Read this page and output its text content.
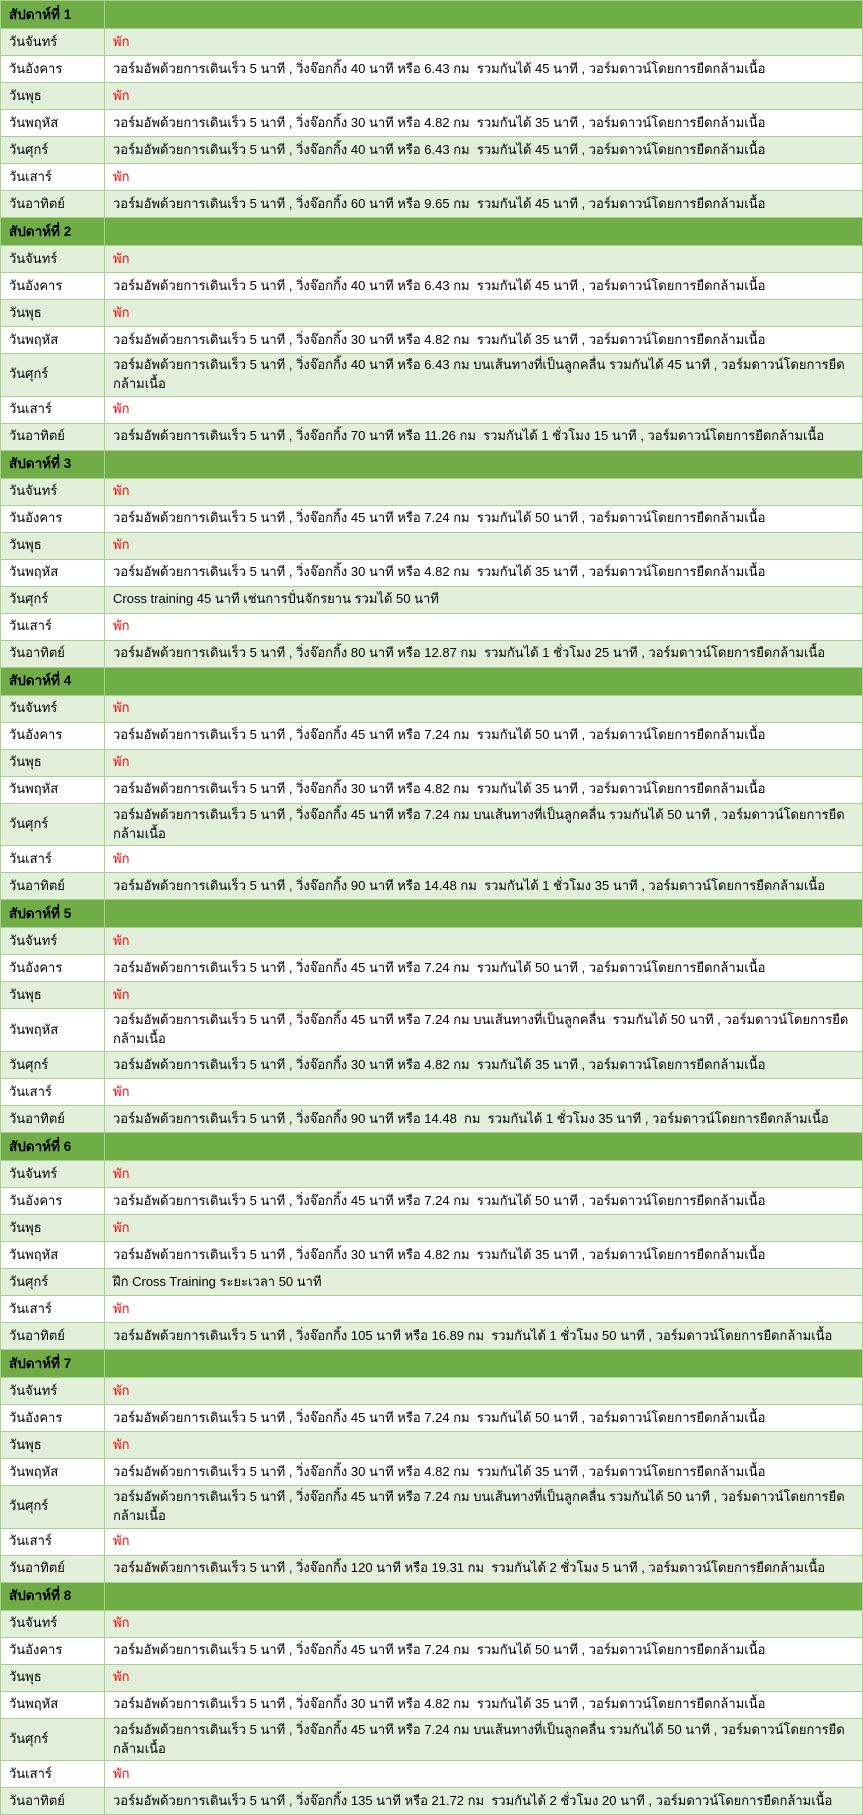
สัปดาห์ที่ 1	
วันจันทร์	พัก
วันอังคาร	วอร์มอัพด้วยการเดินเร็ว 5 นาที , วิ่งจ๊อกกิ้ง 40 นาที หรือ 6.43 กม  รวมกันได้ 45 นาที , วอร์มดาวน์โดยการยืดกล้ามเนื้อ
วันพุธ	พัก
วันพฤหัส	วอร์มอัพด้วยการเดินเร็ว 5 นาที , วิ่งจ๊อกกิ้ง 30 นาที หรือ 4.82 กม  รวมกันได้ 35 นาที , วอร์มดาวน์โดยการยืดกล้ามเนื้อ
วันศุกร์	วอร์มอัพด้วยการเดินเร็ว 5 นาที , วิ่งจ๊อกกิ้ง 40 นาที หรือ 6.43 กม  รวมกันได้ 45 นาที , วอร์มดาวน์โดยการยืดกล้ามเนื้อ
วันเสาร์	พัก
วันอาทิตย์	วอร์มอัพด้วยการเดินเร็ว 5 นาที , วิ่งจ๊อกกิ้ง 60 นาที หรือ 9.65 กม  รวมกันได้ 45 นาที , วอร์มดาวน์โดยการยืดกล้ามเนื้อ
สัปดาห์ที่ 2	
วันจันทร์	พัก
วันอังคาร	วอร์มอัพด้วยการเดินเร็ว 5 นาที , วิ่งจ๊อกกิ้ง 40 นาที หรือ 6.43 กม  รวมกันได้ 45 นาที , วอร์มดาวน์โดยการยืดกล้ามเนื้อ
วันพุธ	พัก
วันพฤหัส	วอร์มอัพด้วยการเดินเร็ว 5 นาที , วิ่งจ๊อกกิ้ง 30 นาที หรือ 4.82 กม  รวมกันได้ 35 นาที , วอร์มดาวน์โดยการยืดกล้ามเนื้อ
วันศุกร์	วอร์มอัพด้วยการเดินเร็ว 5 นาที , วิ่งจ๊อกกิ้ง 40 นาที หรือ 6.43 กม บนเส้นทางที่เป็นลูกคลื่น รวมกันได้ 45 นาที , วอร์มดาวน์โดยการยืดกล้ามเนื้อ
วันเสาร์	พัก
วันอาทิตย์	วอร์มอัพด้วยการเดินเร็ว 5 นาที , วิ่งจ๊อกกิ้ง 70 นาที หรือ 11.26 กม  รวมกันได้ 1 ชั่วโมง 15 นาที , วอร์มดาวน์โดยการยืดกล้ามเนื้อ
สัปดาห์ที่ 3	
วันจันทร์	พัก
วันอังคาร	วอร์มอัพด้วยการเดินเร็ว 5 นาที , วิ่งจ๊อกกิ้ง 45 นาที หรือ 7.24 กม  รวมกันได้ 50 นาที , วอร์มดาวน์โดยการยืดกล้ามเนื้อ
วันพุธ	พัก
วันพฤหัส	วอร์มอัพด้วยการเดินเร็ว 5 นาที , วิ่งจ๊อกกิ้ง 30 นาที หรือ 4.82 กม  รวมกันได้ 35 นาที , วอร์มดาวน์โดยการยืดกล้ามเนื้อ
วันศุกร์	Cross training 45 นาที เช่นการปั่นจักรยาน รวมได้ 50 นาที
วันเสาร์	พัก
วันอาทิตย์	วอร์มอัพด้วยการเดินเร็ว 5 นาที , วิ่งจ๊อกกิ้ง 80 นาที หรือ 12.87 กม  รวมกันได้ 1 ชั่วโมง 25 นาที , วอร์มดาวน์โดยการยืดกล้ามเนื้อ
สัปดาห์ที่ 4	
วันจันทร์	พัก
วันอังคาร	วอร์มอัพด้วยการเดินเร็ว 5 นาที , วิ่งจ๊อกกิ้ง 45 นาที หรือ 7.24 กม  รวมกันได้ 50 นาที , วอร์มดาวน์โดยการยืดกล้ามเนื้อ
วันพุธ	พัก
วันพฤหัส	วอร์มอัพด้วยการเดินเร็ว 5 นาที , วิ่งจ๊อกกิ้ง 30 นาที หรือ 4.82 กม  รวมกันได้ 35 นาที , วอร์มดาวน์โดยการยืดกล้ามเนื้อ
วันศุกร์	วอร์มอัพด้วยการเดินเร็ว 5 นาที , วิ่งจ๊อกกิ้ง 45 นาที หรือ 7.24 กม บนเส้นทางที่เป็นลูกคลื่น รวมกันได้ 50 นาที , วอร์มดาวน์โดยการยืดกล้ามเนื้อ
วันเสาร์	พัก
วันอาทิตย์	วอร์มอัพด้วยการเดินเร็ว 5 นาที , วิ่งจ๊อกกิ้ง 90 นาที หรือ 14.48 กม  รวมกันได้ 1 ชั่วโมง 35 นาที , วอร์มดาวน์โดยการยืดกล้ามเนื้อ
สัปดาห์ที่ 5	
วันจันทร์	พัก
วันอังคาร	วอร์มอัพด้วยการเดินเร็ว 5 นาที , วิ่งจ๊อกกิ้ง 45 นาที หรือ 7.24 กม  รวมกันได้ 50 นาที , วอร์มดาวน์โดยการยืดกล้ามเนื้อ
วันพุธ	พัก
วันพฤหัส	วอร์มอัพด้วยการเดินเร็ว 5 นาที , วิ่งจ๊อกกิ้ง 45 นาที หรือ 7.24 กม บนเส้นทางที่เป็นลูกคลื่น  รวมกันได้ 50 นาที , วอร์มดาวน์โดยการยืดกล้ามเนื้อ
วันศุกร์	วอร์มอัพด้วยการเดินเร็ว 5 นาที , วิ่งจ๊อกกิ้ง 30 นาที หรือ 4.82 กม  รวมกันได้ 35 นาที , วอร์มดาวน์โดยการยืดกล้ามเนื้อ
วันเสาร์	พัก
วันอาทิตย์	วอร์มอัพด้วยการเดินเร็ว 5 นาที , วิ่งจ๊อกกิ้ง 90 นาที หรือ 14.48  กม  รวมกันได้ 1 ชั่วโมง 35 นาที , วอร์มดาวน์โดยการยืดกล้ามเนื้อ
สัปดาห์ที่ 6	
วันจันทร์	พัก
วันอังคาร	วอร์มอัพด้วยการเดินเร็ว 5 นาที , วิ่งจ๊อกกิ้ง 45 นาที หรือ 7.24 กม  รวมกันได้ 50 นาที , วอร์มดาวน์โดยการยืดกล้ามเนื้อ
วันพุธ	พัก
วันพฤหัส	วอร์มอัพด้วยการเดินเร็ว 5 นาที , วิ่งจ๊อกกิ้ง 30 นาที หรือ 4.82 กม  รวมกันได้ 35 นาที , วอร์มดาวน์โดยการยืดกล้ามเนื้อ
วันศุกร์	ฝึก Cross Training ระยะเวลา 50 นาที
วันเสาร์	พัก
วันอาทิตย์	วอร์มอัพด้วยการเดินเร็ว 5 นาที , วิ่งจ๊อกกิ้ง 105 นาที หรือ 16.89 กม  รวมกันได้ 1 ชั่วโมง 50 นาที , วอร์มดาวน์โดยการยืดกล้ามเนื้อ
สัปดาห์ที่ 7	
วันจันทร์	พัก
วันอังคาร	วอร์มอัพด้วยการเดินเร็ว 5 นาที , วิ่งจ๊อกกิ้ง 45 นาที หรือ 7.24 กม  รวมกันได้ 50 นาที , วอร์มดาวน์โดยการยืดกล้ามเนื้อ
วันพุธ	พัก
วันพฤหัส	วอร์มอัพด้วยการเดินเร็ว 5 นาที , วิ่งจ๊อกกิ้ง 30 นาที หรือ 4.82 กม  รวมกันได้ 35 นาที , วอร์มดาวน์โดยการยืดกล้ามเนื้อ
วันศุกร์	วอร์มอัพด้วยการเดินเร็ว 5 นาที , วิ่งจ๊อกกิ้ง 45 นาที หรือ 7.24 กม บนเส้นทางที่เป็นลูกคลื่น รวมกันได้ 50 นาที , วอร์มดาวน์โดยการยืดกล้ามเนื้อ
วันเสาร์	พัก
วันอาทิตย์	วอร์มอัพด้วยการเดินเร็ว 5 นาที , วิ่งจ๊อกกิ้ง 120 นาที หรือ 19.31 กม  รวมกันได้ 2 ชั่วโมง 5 นาที , วอร์มดาวน์โดยการยืดกล้ามเนื้อ
สัปดาห์ที่ 8	
วันจันทร์	พัก
วันอังคาร	วอร์มอัพด้วยการเดินเร็ว 5 นาที , วิ่งจ๊อกกิ้ง 45 นาที หรือ 7.24 กม  รวมกันได้ 50 นาที , วอร์มดาวน์โดยการยืดกล้ามเนื้อ
วันพุธ	พัก
วันพฤหัส	วอร์มอัพด้วยการเดินเร็ว 5 นาที , วิ่งจ๊อกกิ้ง 30 นาที หรือ 4.82 กม  รวมกันได้ 35 นาที , วอร์มดาวน์โดยการยืดกล้ามเนื้อ
วันศุกร์	วอร์มอัพด้วยการเดินเร็ว 5 นาที , วิ่งจ๊อกกิ้ง 45 นาที หรือ 7.24 กม บนเส้นทางที่เป็นลูกคลื่น รวมกันได้ 50 นาที , วอร์มดาวน์โดยการยืดกล้ามเนื้อ
วันเสาร์	พัก
วันอาทิตย์	วอร์มอัพด้วยการเดินเร็ว 5 นาที , วิ่งจ๊อกกิ้ง 135 นาที หรือ 21.72 กม  รวมกันได้ 2 ชั่วโมง 20 นาที , วอร์มดาวน์โดยการยืดกล้ามเนื้อ
